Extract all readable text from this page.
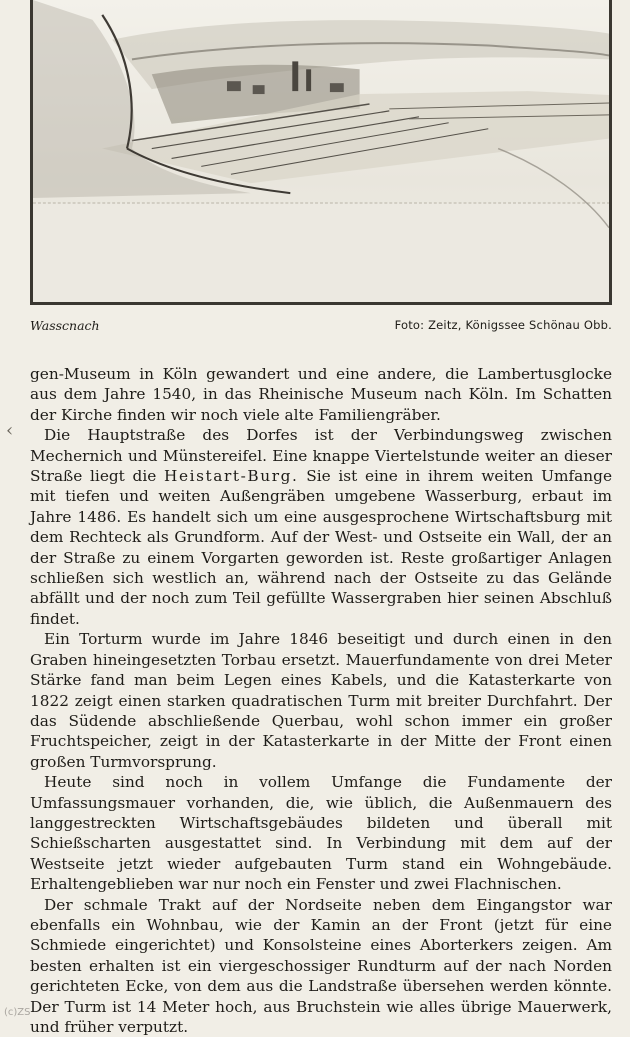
Wasscnach	Foto: Zeitz, Königssee Schönau Obb.
‹

gen-Museum in Köln gewandert und eine andere, die Lambertusglocke aus dem Jahre 1540, in das Rheinische Museum nach Köln. Im Schatten der Kirche finden wir noch viele alte Familiengräber.

Die Hauptstraße des Dorfes ist der Verbindungsweg zwischen Mechernich und Münstereifel. Eine knappe Viertelstunde weiter an dieser Straße liegt die Heistart-Burg. Sie ist eine in ihrem weiten Umfange mit tiefen und weiten Außengräben umgebene Wasserburg, erbaut im Jahre 1486. Es handelt sich um eine ausgesprochene Wirtschaftsburg mit dem Rechteck als Grundform. Auf der West- und Ostseite ein Wall, der an der Straße zu einem Vorgarten geworden ist. Reste großartiger Anlagen schließen sich westlich an, während nach der Ostseite zu das Gelände abfällt und der noch zum Teil gefüllte Wassergraben hier seinen Abschluß findet.

Ein Torturm wurde im Jahre 1846 beseitigt und durch einen in den Graben hineingesetzten Torbau ersetzt. Mauerfundamente von drei Meter Stärke fand man beim Legen eines Kabels, und die Katasterkarte von 1822 zeigt einen starken quadratischen Turm mit breiter Durchfahrt. Der das Südende abschließende Querbau, wohl schon immer ein großer Fruchtspeicher, zeigt in der Katasterkarte in der Mitte der Front einen großen Turmvorsprung.

Heute sind noch in vollem Umfange die Fundamente der Umfassungsmauer vorhanden, die, wie üblich, die Außenmauern des langgestreckten Wirtschaftsgebäudes bildeten und überall mit Schießscharten ausgestattet sind. In Verbindung mit dem auf der Westseite jetzt wieder aufgebauten Turm stand ein Wohngebäude. Erhaltengeblieben war nur noch ein Fenster und zwei Flachnischen.

Der schmale Trakt auf der Nordseite neben dem Eingangstor war ebenfalls ein Wohnbau, wie der Kamin an der Front (jetzt für eine Schmiede eingerichtet) und Konsolsteine eines Aborterkers zeigen. Am besten erhalten ist ein viergeschossiger Rundturm auf der nach Norden gerichteten Ecke, von dem aus die Landstraße übersehen werden könnte. Der Turm ist 14 Meter hoch, aus Bruchstein wie alles übrige Mauerwerk, und früher verputzt.

(c)ZS
